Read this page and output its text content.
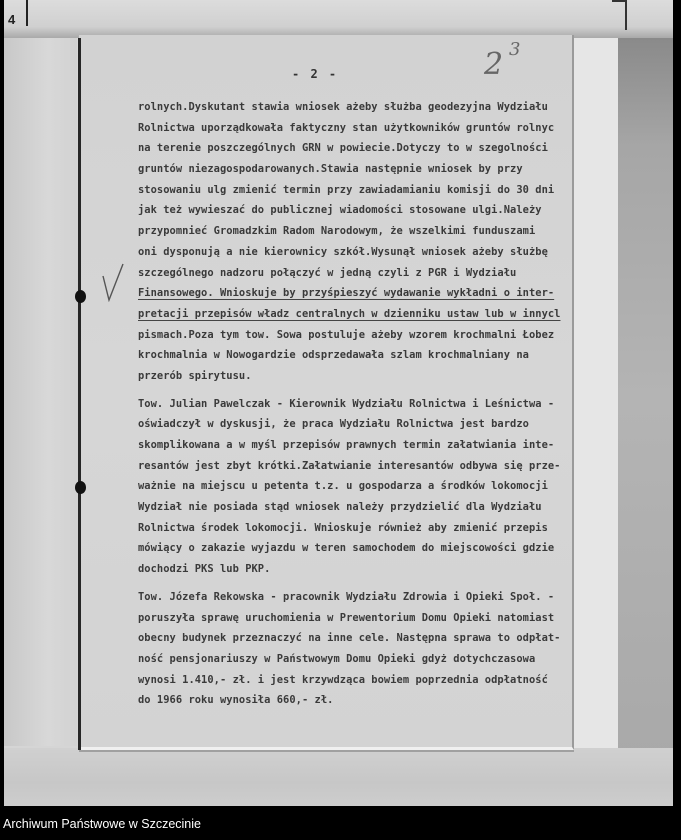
4
- 2 -	2 3
rolnych.Dyskutant stawia wniosek ażeby służba geodezyjna Wydziału
Rolnictwa uporządkowała faktyczny stan użytkowników gruntów rolnyc
na terenie poszczególnych GRN w powiecie.Dotyczy to w szegolności
gruntów niezagospodarowanych.Stawia następnie wniosek by przy
stosowaniu ulg zmienić termin przy zawiadamianiu komisji do 30 dni
jak też wywieszać do publicznej wiadomości stosowane ulgi.Należy
przypomnieć Gromadzkim Radom Narodowym, że wszelkimi funduszami
oni dysponują a nie kierownicy szkół.Wysunął wniosek ażeby służbę
szczególnego nadzoru połączyć w jedną czyli z PGR i Wydziału
Finansowego. Wnioskuje by przyśpieszyć wydawanie wykładni o inter-
pretacji przepisów władz centralnych w dzienniku ustaw lub w innycl
pismach.Poza tym tow. Sowa postuluje ażeby wzorem krochmalni Łobez
krochmalnia w Nowogardzie odsprzedawała szlam krochmalniany na
przerób spirytusu.
Tow. Julian Pawelczak - Kierownik Wydziału Rolnictwa i Leśnictwa -
oświadczył w dyskusji, że praca Wydziału Rolnictwa jest bardzo
skomplikowana a w myśl przepisów prawnych termin załatwiania inte-
resantów jest zbyt krótki.Załatwianie interesantów odbywa się prze-
ważnie na miejscu u petenta t.z. u gospodarza a środków lokomocji
Wydział nie posiada stąd wniosek należy przydzielić dla Wydziału
Rolnictwa środek lokomocji. Wnioskuje również aby zmienić przepis
mówiący o zakazie wyjazdu w teren samochodem do miejscowości gdzie
dochodzi PKS lub PKP.
Tow. Józefa Rekowska - pracownik Wydziału Zdrowia i Opieki Społ. -
poruszyła sprawę uruchomienia w Prewentorium Domu Opieki natomiast
obecny budynek przeznaczyć na inne cele. Następna sprawa to odpłat-
ność pensjonariuszy w Państwowym Domu Opieki gdyż dotychczasowa
wynosi 1.410,- zł. i jest krzywdząca bowiem poprzednia odpłatność
do 1966 roku wynosiła 660,- zł.
Archiwum Państwowe w Szczecinie
